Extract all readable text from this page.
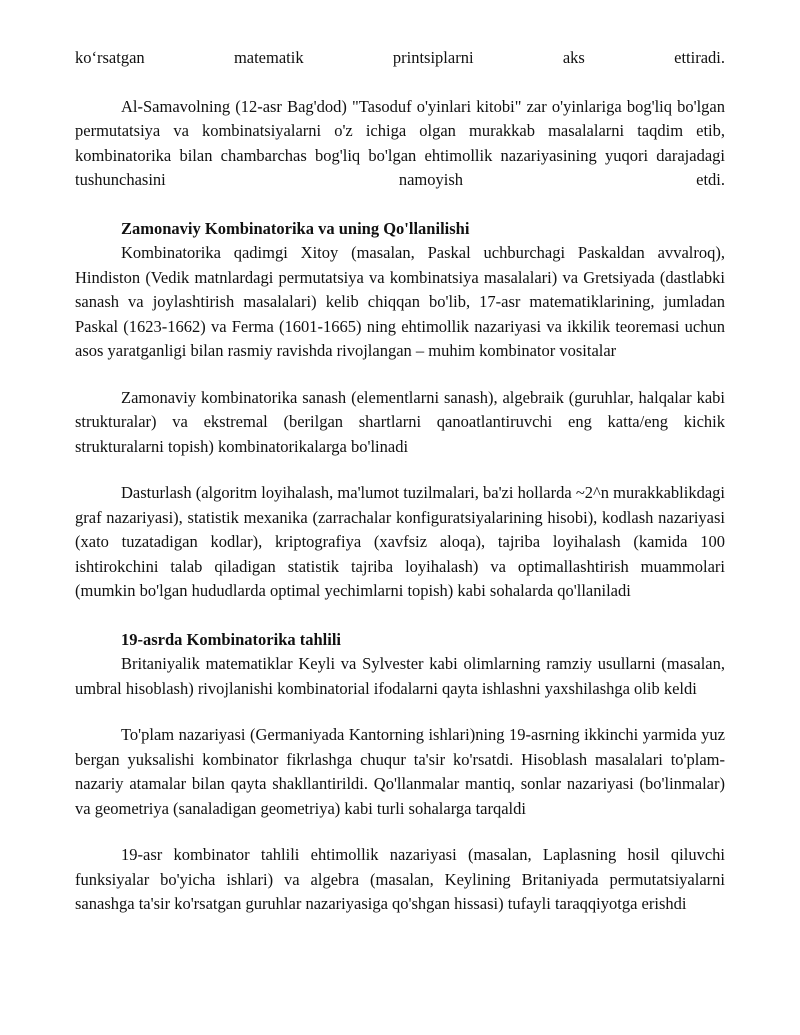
ko‘rsatgan matematik printsiplarni aks ettiradi.

Al-Samavolning (12-asr Bag'dod) "Tasoduf o'yinlari kitobi" zar o'yinlariga bog'liq bo'lgan permutatsiya va kombinatsiyalarni o'z ichiga olgan murakkab masalalarni taqdim etib, kombinatorika bilan chambarchas bog'liq bo'lgan ehtimollik nazariyasining yuqori darajadagi tushunchasini namoyish etdi.

Zamonaviy Kombinatorika va uning Qo'llanilishi

Kombinatorika qadimgi Xitoy (masalan, Paskal uchburchagi Paskaldan avvalroq), Hindiston (Vedik matnlardagi permutatsiya va kombinatsiya masalalari) va Gretsiyada (dastlabki sanash va joylashtirish masalalari) kelib chiqqan bo'lib, 17-asr matematiklarining, jumladan Paskal (1623-1662) va Ferma (1601-1665) ning ehtimollik nazariyasi va ikkilik teoremasi uchun asos yaratganligi bilan rasmiy ravishda rivojlangan – muhim kombinator vositalar

Zamonaviy kombinatorika sanash (elementlarni sanash), algebraik (guruhlar, halqalar kabi strukturalar) va ekstremal (berilgan shartlarni qanoatlantiruvchi eng katta/eng kichik strukturalarni topish) kombinatorikalarga bo'linadi

Dasturlash (algoritm loyihalash, ma'lumot tuzilmalari, ba'zi hollarda ~2^n murakkablikdagi graf nazariyasi), statistik mexanika (zarrachalar konfiguratsiyalarining hisobi), kodlash nazariyasi (xato tuzatadigan kodlar), kriptografiya (xavfsiz aloqa), tajriba loyihalash (kamida 100 ishtirokchini talab qiladigan statistik tajriba loyihalash) va optimallashtirish muammolari (mumkin bo'lgan hududlarda optimal yechimlarni topish) kabi sohalarda qo'llaniladi

19-asrda Kombinatorika tahlili

Britaniyalik matematiklar Keyli va Sylvester kabi olimlarning ramziy usullarni (masalan, umbral hisoblash) rivojlanishi kombinatorial ifodalarni qayta ishlashni yaxshilashga olib keldi

To'plam nazariyasi (Germaniyada Kantorning ishlari)ning 19-asrning ikkinchi yarmida yuz bergan yuksalishi kombinator fikrlashga chuqur ta'sir ko'rsatdi. Hisoblash masalalari to'plam-nazariy atamalar bilan qayta shakllantirildi. Qo'llanmalar mantiq, sonlar nazariyasi (bo'linmalar) va geometriya (sanaladigan geometriya) kabi turli sohalarga tarqaldi

19-asr kombinator tahlili ehtimollik nazariyasi (masalan, Laplasning hosil qiluvchi funksiyalar bo'yicha ishlari) va algebra (masalan, Keylining Britaniyada permutatsiyalarni sanashga ta'sir ko'rsatgan guruhlar nazariyasiga qo'shgan hissasi) tufayli taraqqiyotga erishdi
